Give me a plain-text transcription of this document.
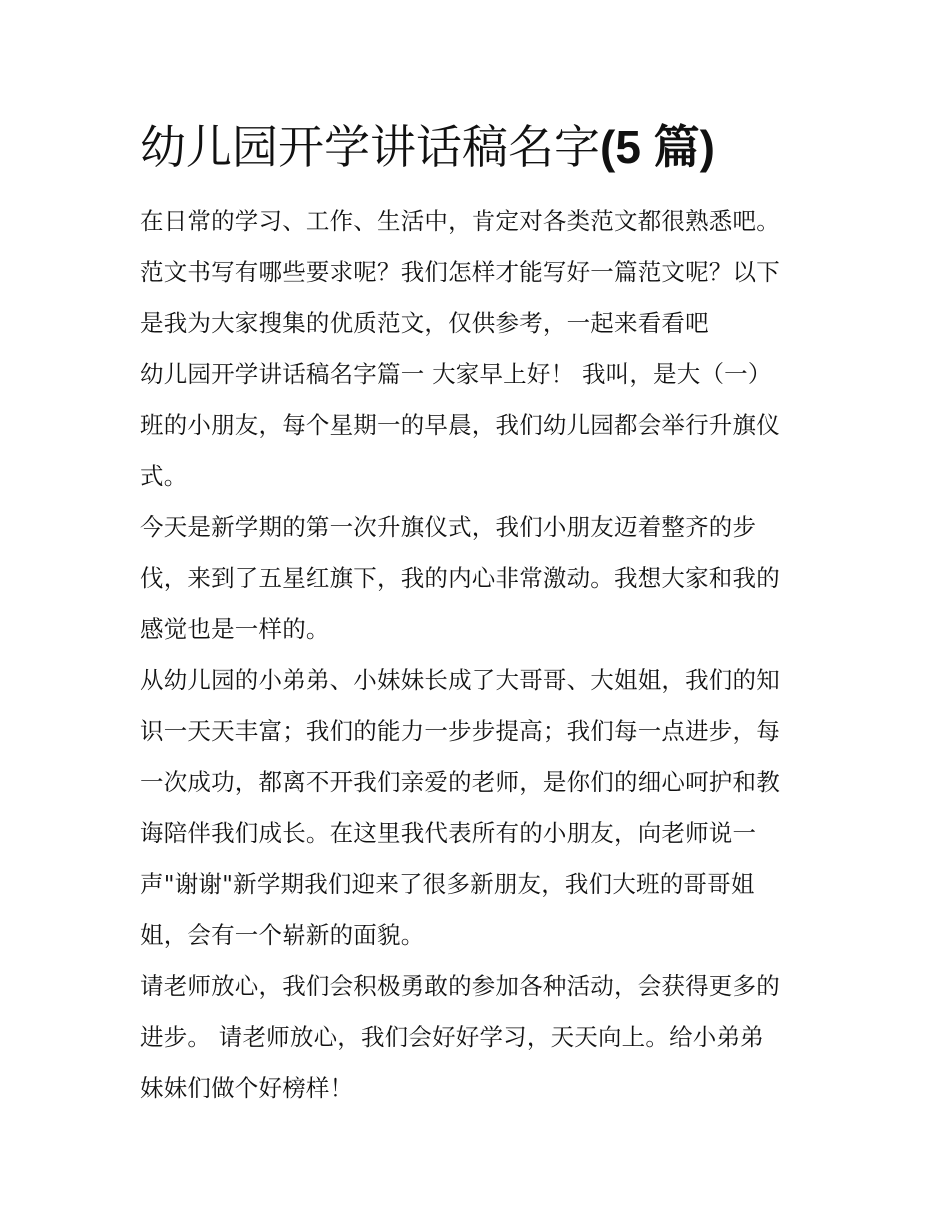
幼儿园开学讲话稿名字(5 篇)
在日常的学习、工作、生活中，肯定对各类范文都很熟悉吧。
范文书写有哪些要求呢？我们怎样才能写好一篇范文呢？以下
是我为大家搜集的优质范文，仅供参考，一起来看看吧
幼儿园开学讲话稿名字篇一 大家早上好！ 我叫，是大（一）
班的小朋友，每个星期一的早晨，我们幼儿园都会举行升旗仪
式。
今天是新学期的第一次升旗仪式，我们小朋友迈着整齐的步
伐，来到了五星红旗下，我的内心非常激动。我想大家和我的
感觉也是一样的。
从幼儿园的小弟弟、小妹妹长成了大哥哥、大姐姐，我们的知
识一天天丰富；我们的能力一步步提高；我们每一点进步，每
一次成功，都离不开我们亲爱的老师，是你们的细心呵护和教
诲陪伴我们成长。在这里我代表所有的小朋友，向老师说一
声"谢谢"新学期我们迎来了很多新朋友，我们大班的哥哥姐
姐，会有一个崭新的面貌。
请老师放心，我们会积极勇敢的参加各种活动，会获得更多的
进步。 请老师放心，我们会好好学习，天天向上。给小弟弟
妹妹们做个好榜样！
